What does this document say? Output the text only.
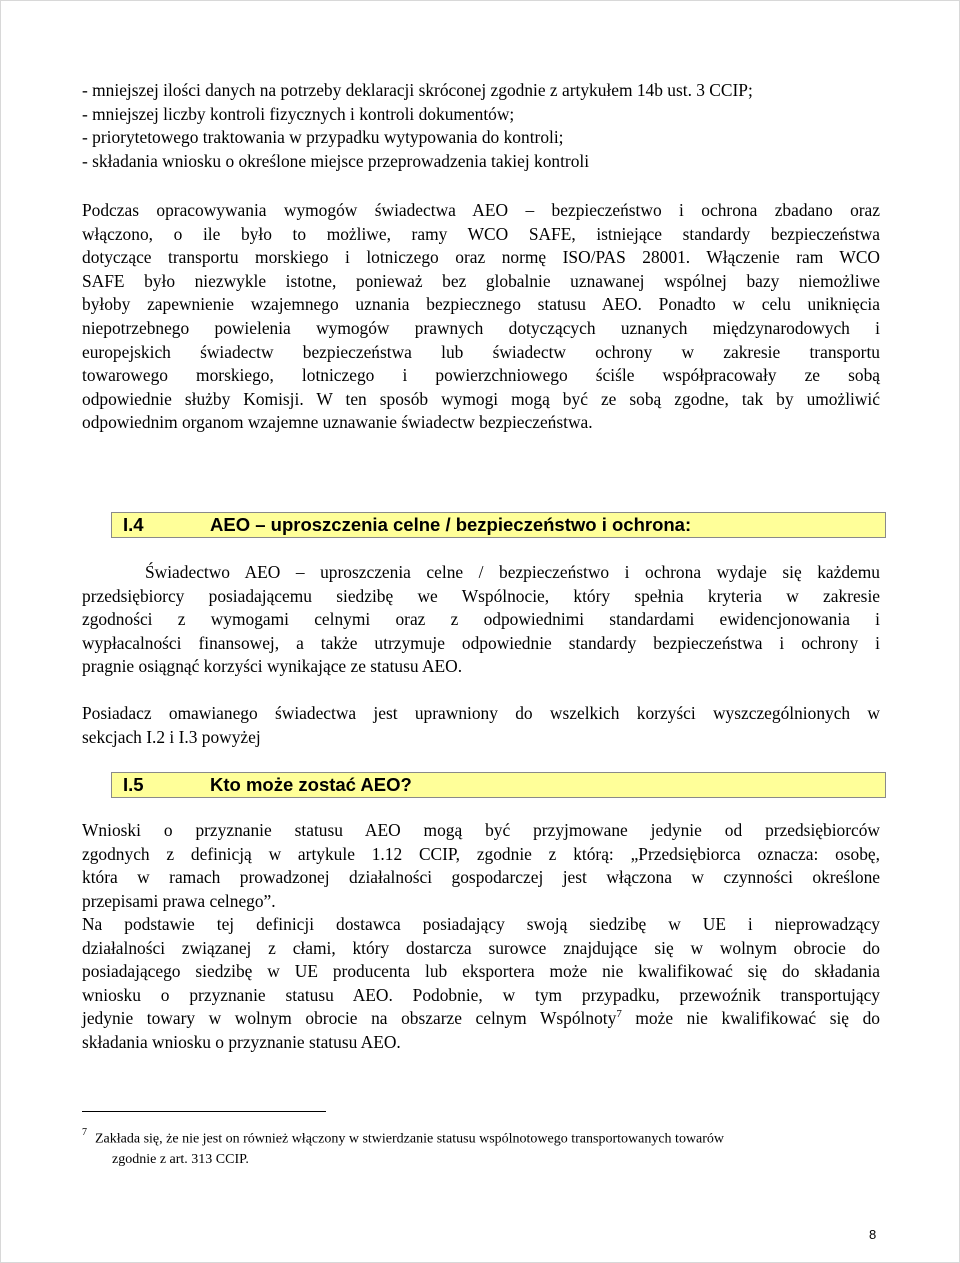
- mniejszej ilości danych na potrzeby deklaracji skróconej zgodnie z artykułem 14b ust. 3 CCIP;

- mniejszej liczby kontroli fizycznych i kontroli dokumentów;

- priorytetowego traktowania w przypadku wytypowania do kontroli;

- składania wniosku o określone miejsce przeprowadzenia takiej kontroli

Podczas opracowywania wymogów świadectwa AEO – bezpieczeństwo i ochrona zbadano oraz

włączono, o ile było to możliwe, ramy WCO SAFE, istniejące standardy bezpieczeństwa

dotyczące transportu morskiego i lotniczego oraz normę ISO/PAS 28001. Włączenie ram WCO

SAFE było niezwykle istotne, ponieważ bez globalnie uznawanej wspólnej bazy niemożliwe

byłoby zapewnienie wzajemnego uznania bezpiecznego statusu AEO. Ponadto w celu uniknięcia

niepotrzebnego powielenia wymogów prawnych dotyczących uznanych międzynarodowych i

europejskich świadectw bezpieczeństwa lub świadectw ochrony w zakresie transportu

towarowego morskiego, lotniczego i powierzchniowego ściśle współpracowały ze sobą

odpowiednie służby Komisji. W ten sposób wymogi mogą być ze sobą zgodne, tak by umożliwić

odpowiednim organom wzajemne uznawanie świadectw bezpieczeństwa.

I.4	AEO – uproszczenia celne / bezpieczeństwo i ochrona:

Świadectwo AEO – uproszczenia celne / bezpieczeństwo i ochrona wydaje się każdemu

przedsiębiorcy posiadającemu siedzibę we Wspólnocie, który spełnia kryteria w zakresie

zgodności z wymogami celnymi oraz z odpowiednimi standardami ewidencjonowania i

wypłacalności finansowej, a także utrzymuje odpowiednie standardy bezpieczeństwa i ochrony i

pragnie osiągnąć korzyści wynikające ze statusu AEO.

Posiadacz omawianego świadectwa jest uprawniony do wszelkich korzyści wyszczególnionych w

sekcjach I.2 i I.3 powyżej

I.5	Kto może zostać AEO?

Wnioski o przyznanie statusu AEO mogą być przyjmowane jedynie od przedsiębiorców

zgodnych z definicją w artykule 1.12 CCIP, zgodnie z którą: „Przedsiębiorca oznacza: osobę,

która w ramach prowadzonej działalności gospodarczej jest włączona w czynności określone

przepisami prawa celnego”.

Na podstawie tej definicji dostawca posiadający swoją siedzibę w UE i nieprowadzący

działalności związanej z cłami, który dostarcza surowce znajdujące się w wolnym obrocie do

posiadającego siedzibę w UE producenta lub eksportera może nie kwalifikować się do składania

wniosku o przyznanie statusu AEO. Podobnie, w tym przypadku, przewoźnik transportujący

jedynie towary w wolnym obrocie na obszarze celnym Wspólnoty$^7$ może nie kwalifikować się do

składania wniosku o przyznanie statusu AEO.

$^7$ Zakłada się, że nie jest on również włączony w stwierdzanie statusu wspólnotowego transportowanych towarów
zgodnie z art. 313 CCIP.
8
